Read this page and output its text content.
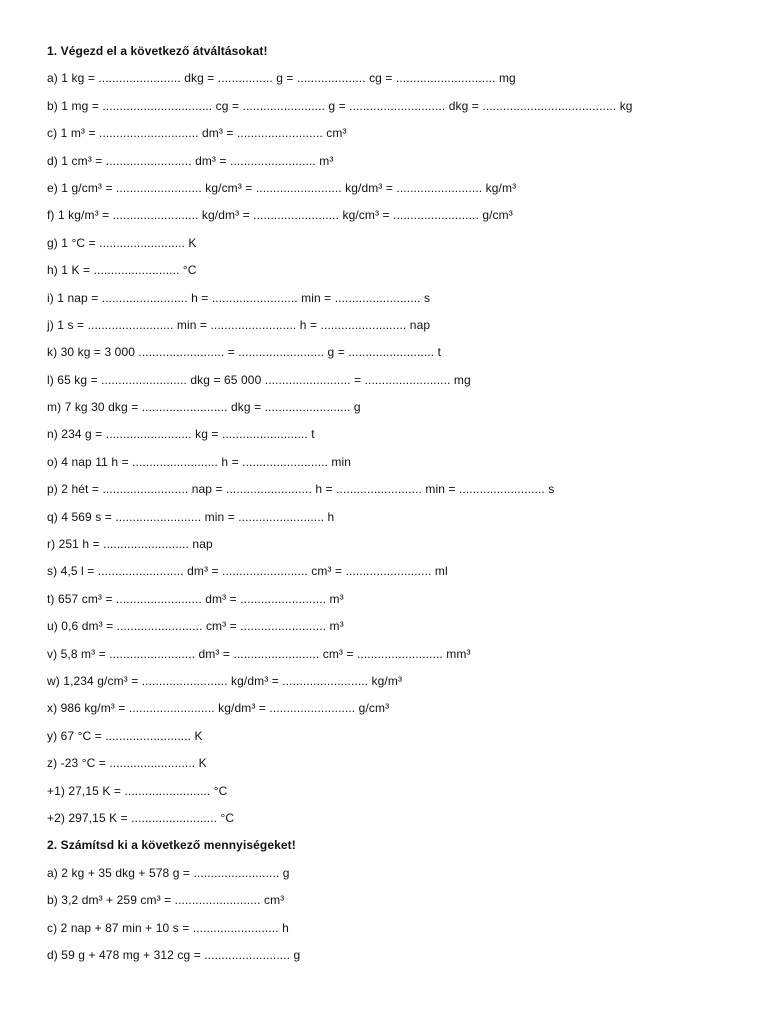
1. Végezd el a következő átváltásokat!
a) 1 kg = ........................ dkg = ................ g = .................... cg = ............................. mg
b) 1 mg = ................................ cg = ........................ g = ............................ dkg = ....................................... kg
c) 1 m³ = ............................. dm³ = ......................... cm³
d) 1 cm³ = ......................... dm³ = ......................... m³
e) 1 g/cm³ = ......................... kg/cm³ = ......................... kg/dm³ = ......................... kg/m³
f) 1 kg/m³ = ......................... kg/dm³ = ......................... kg/cm³ = ......................... g/cm³
g) 1 °C = ......................... K
h) 1 K = ......................... °C
i) 1 nap = ......................... h = ......................... min = ......................... s
j) 1 s = ......................... min = ......................... h = ......................... nap
k) 30 kg = 3 000 ......................... = ......................... g = ......................... t
l) 65 kg = ......................... dkg = 65 000 ......................... = ......................... mg
m) 7 kg 30 dkg = ......................... dkg = ......................... g
n) 234 g = ......................... kg = ......................... t
o) 4 nap 11 h = ......................... h = ......................... min
p) 2 hét = ......................... nap = ......................... h = ......................... min = ......................... s
q) 4 569 s = ......................... min = ......................... h
r) 251 h = ......................... nap
s) 4,5 l = ......................... dm³ = ......................... cm³ = ......................... ml
t) 657 cm³ = ......................... dm³ = ......................... m³
u) 0,6 dm³ = ......................... cm³ = ......................... m³
v) 5,8 m³ = ......................... dm³ = ......................... cm³ = ......................... mm³
w) 1,234 g/cm³ = ......................... kg/dm³ = ......................... kg/m³
x) 986 kg/m³ = ......................... kg/dm³ = ......................... g/cm³
y) 67 °C = ......................... K
z) -23 °C = ......................... K
+1) 27,15 K = ......................... °C
+2) 297,15 K = ......................... °C
2. Számítsd ki a következő mennyiségeket!
a) 2 kg + 35 dkg + 578 g = ......................... g
b) 3,2 dm³ + 259 cm³ = ......................... cm³
c) 2 nap + 87 min + 10 s = ......................... h
d) 59 g + 478 mg + 312 cg = ......................... g
